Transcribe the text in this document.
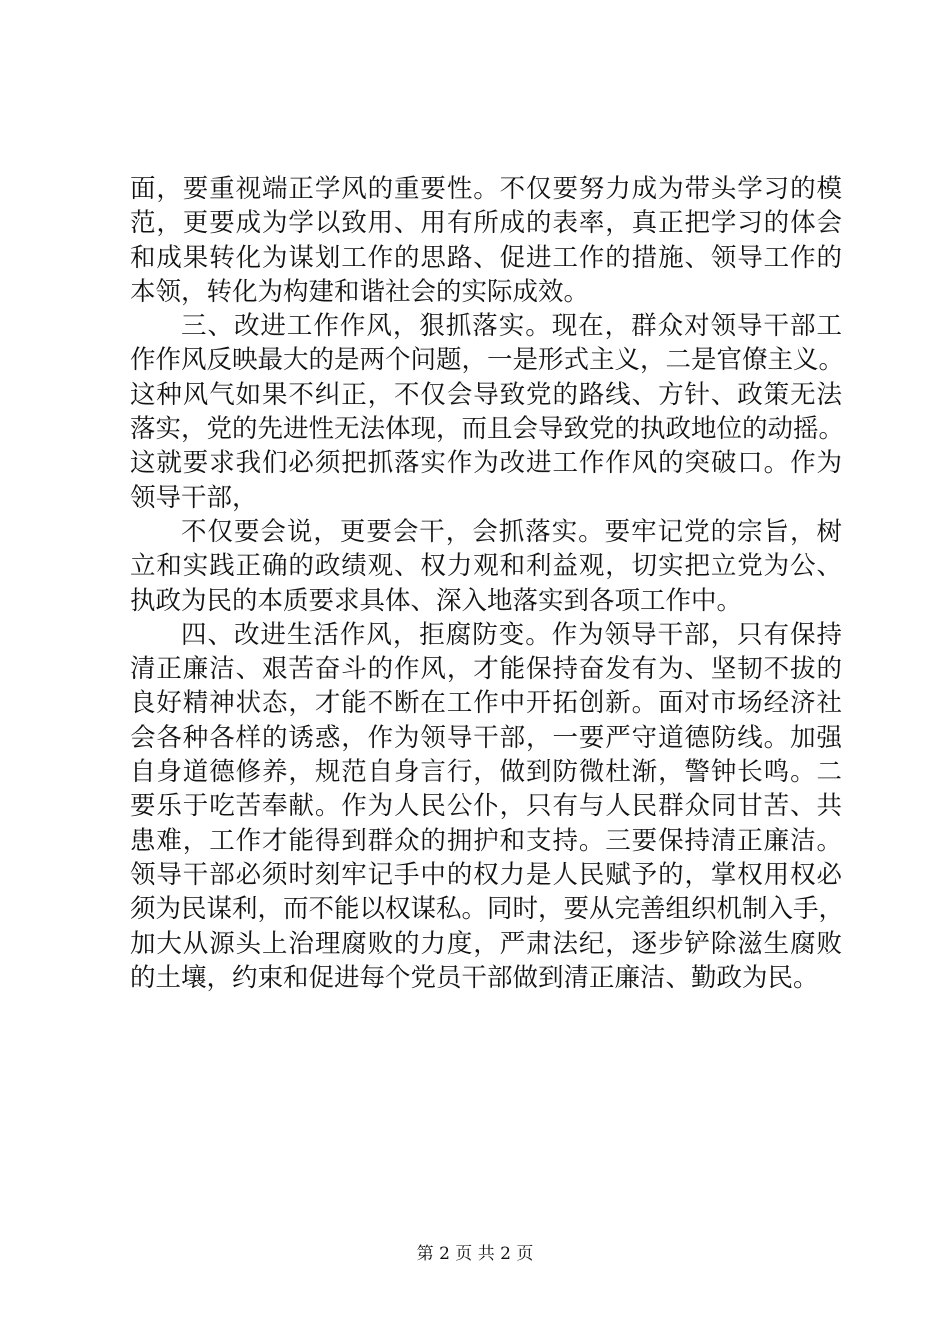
面，要重视端正学风的重要性。不仅要努力成为带头学习的模
范，更要成为学以致用、用有所成的表率，真正把学习的体会
和成果转化为谋划工作的思路、促进工作的措施、领导工作的
本领，转化为构建和谐社会的实际成效。
三、改进工作作风，狠抓落实。现在，群众对领导干部工
作作风反映最大的是两个问题，一是形式主义，二是官僚主义。
这种风气如果不纠正，不仅会导致党的路线、方针、政策无法
落实，党的先进性无法体现，而且会导致党的执政地位的动摇。
这就要求我们必须把抓落实作为改进工作作风的突破口。作为
领导干部，
不仅要会说，更要会干，会抓落实。要牢记党的宗旨，树
立和实践正确的政绩观、权力观和利益观，切实把立党为公、
执政为民的本质要求具体、深入地落实到各项工作中。
四、改进生活作风，拒腐防变。作为领导干部，只有保持
清正廉洁、艰苦奋斗的作风，才能保持奋发有为、坚韧不拔的
良好精神状态，才能不断在工作中开拓创新。面对市场经济社
会各种各样的诱惑，作为领导干部，一要严守道德防线。加强
自身道德修养，规范自身言行，做到防微杜渐，警钟长鸣。二
要乐于吃苦奉献。作为人民公仆，只有与人民群众同甘苦、共
患难，工作才能得到群众的拥护和支持。三要保持清正廉洁。
领导干部必须时刻牢记手中的权力是人民赋予的，掌权用权必
须为民谋利，而不能以权谋私。同时，要从完善组织机制入手，
加大从源头上治理腐败的力度，严肃法纪，逐步铲除滋生腐败
的土壤，约束和促进每个党员干部做到清正廉洁、勤政为民。
第 2 页 共 2 页
